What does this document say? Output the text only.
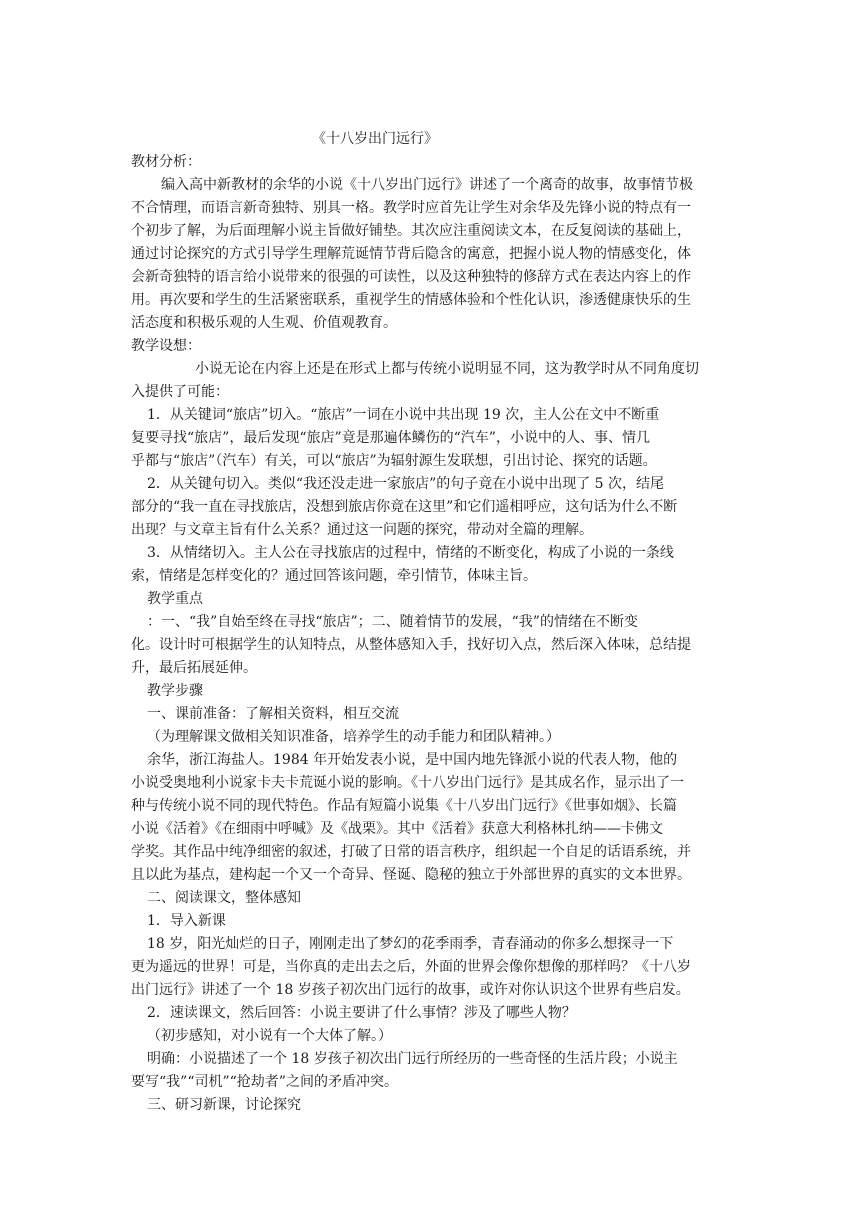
《十八岁出门远行》
教材分析：
编入高中新教材的余华的小说《十八岁出门远行》讲述了一个离奇的故事，故事情节极
不合情理，而语言新奇独特、别具一格。教学时应首先让学生对余华及先锋小说的特点有一
个初步了解，为后面理解小说主旨做好铺垫。其次应注重阅读文本，在反复阅读的基础上，
通过讨论探究的方式引导学生理解荒诞情节背后隐含的寓意，把握小说人物的情感变化，体
会新奇独特的语言给小说带来的很强的可读性，以及这种独特的修辞方式在表达内容上的作
用。再次要和学生的生活紧密联系，重视学生的情感体验和个性化认识，渗透健康快乐的生
活态度和积极乐观的人生观、价值观教育。
教学设想：
小说无论在内容上还是在形式上都与传统小说明显不同，这为教学时从不同角度切
入提供了可能：
1．从关键词“旅店”切入。“旅店”一词在小说中共出现 19 次，主人公在文中不断重
复要寻找“旅店”，最后发现“旅店”竟是那遍体鳞伤的“汽车”，小说中的人、事、情几
乎都与“旅店”（汽车）有关，可以“旅店”为辐射源生发联想，引出讨论、探究的话题。
2．从关键句切入。类似“我还没走进一家旅店”的句子竟在小说中出现了 5 次，结尾
部分的“我一直在寻找旅店，没想到旅店你竟在这里”和它们遥相呼应，这句话为什么不断
出现？与文章主旨有什么关系？通过这一问题的探究，带动对全篇的理解。
3．从情绪切入。主人公在寻找旅店的过程中，情绪的不断变化，构成了小说的一条线
索，情绪是怎样变化的？通过回答该问题，牵引情节，体味主旨。
教学重点
：一、“我”自始至终在寻找“旅店”；二、随着情节的发展，“我”的情绪在不断变
化。设计时可根据学生的认知特点，从整体感知入手，找好切入点，然后深入体味，总结提
升，最后拓展延伸。
教学步骤
一、课前准备：了解相关资料，相互交流
（为理解课文做相关知识准备，培养学生的动手能力和团队精神。）
余华，浙江海盐人。1984 年开始发表小说，是中国内地先锋派小说的代表人物，他的
小说受奥地利小说家卡夫卡荒诞小说的影响。《十八岁出门远行》是其成名作，显示出了一
种与传统小说不同的现代特色。作品有短篇小说集《十八岁出门远行》《世事如烟》、长篇
小说《活着》《在细雨中呼喊》及《战栗》。其中《活着》获意大利格林扎纳——卡佛文
学奖。其作品中纯净细密的叙述，打破了日常的语言秩序，组织起一个自足的话语系统，并
且以此为基点，建构起一个又一个奇异、怪诞、隐秘的独立于外部世界的真实的文本世界。
二、阅读课文，整体感知
1．导入新课
18 岁，阳光灿烂的日子，刚刚走出了梦幻的花季雨季，青春涌动的你多么想探寻一下
更为遥远的世界！可是，当你真的走出去之后，外面的世界会像你想像的那样吗？《十八岁
出门远行》讲述了一个 18 岁孩子初次出门远行的故事，或许对你认识这个世界有些启发。
2．速读课文，然后回答：小说主要讲了什么事情？涉及了哪些人物？
（初步感知，对小说有一个大体了解。）
明确：小说描述了一个 18 岁孩子初次出门远行所经历的一些奇怪的生活片段；小说主
要写“我”“司机”“抢劫者”之间的矛盾冲突。
三、研习新课，讨论探究
